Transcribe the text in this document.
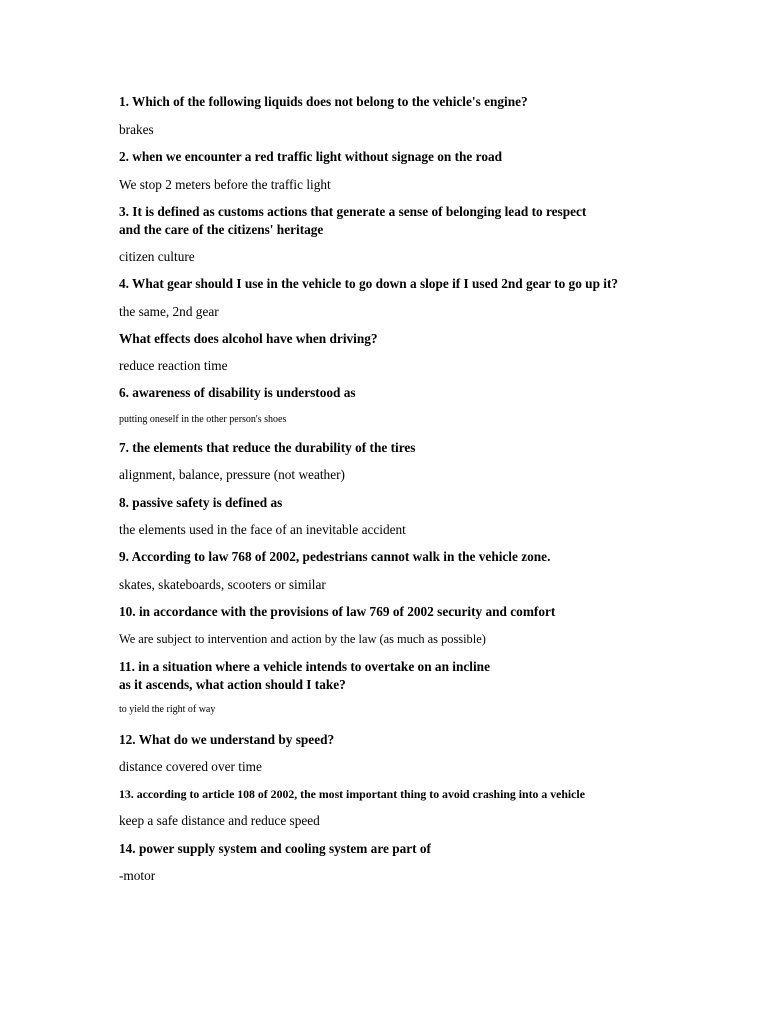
1. Which of the following liquids does not belong to the vehicle's engine?

brakes

2. when we encounter a red traffic light without signage on the road

We stop 2 meters before the traffic light

3. It is defined as customs actions that generate a sense of belonging lead to respect

and the care of the citizens' heritage

citizen culture

4. What gear should I use in the vehicle to go down a slope if I used 2nd gear to go up it?

the same, 2nd gear

What effects does alcohol have when driving?

reduce reaction time

6. awareness of disability is understood as

putting oneself in the other person's shoes

7. the elements that reduce the durability of the tires

alignment, balance, pressure (not weather)

8. passive safety is defined as

the elements used in the face of an inevitable accident

9. According to law 768 of 2002, pedestrians cannot walk in the vehicle zone.

skates, skateboards, scooters or similar

10. in accordance with the provisions of law 769 of 2002 security and comfort

We are subject to intervention and action by the law (as much as possible)

11. in a situation where a vehicle intends to overtake on an incline

as it ascends, what action should I take?

to yield the right of way

12. What do we understand by speed?

distance covered over time

13. according to article 108 of 2002, the most important thing to avoid crashing into a vehicle

keep a safe distance and reduce speed

14. power supply system and cooling system are part of

-motor
